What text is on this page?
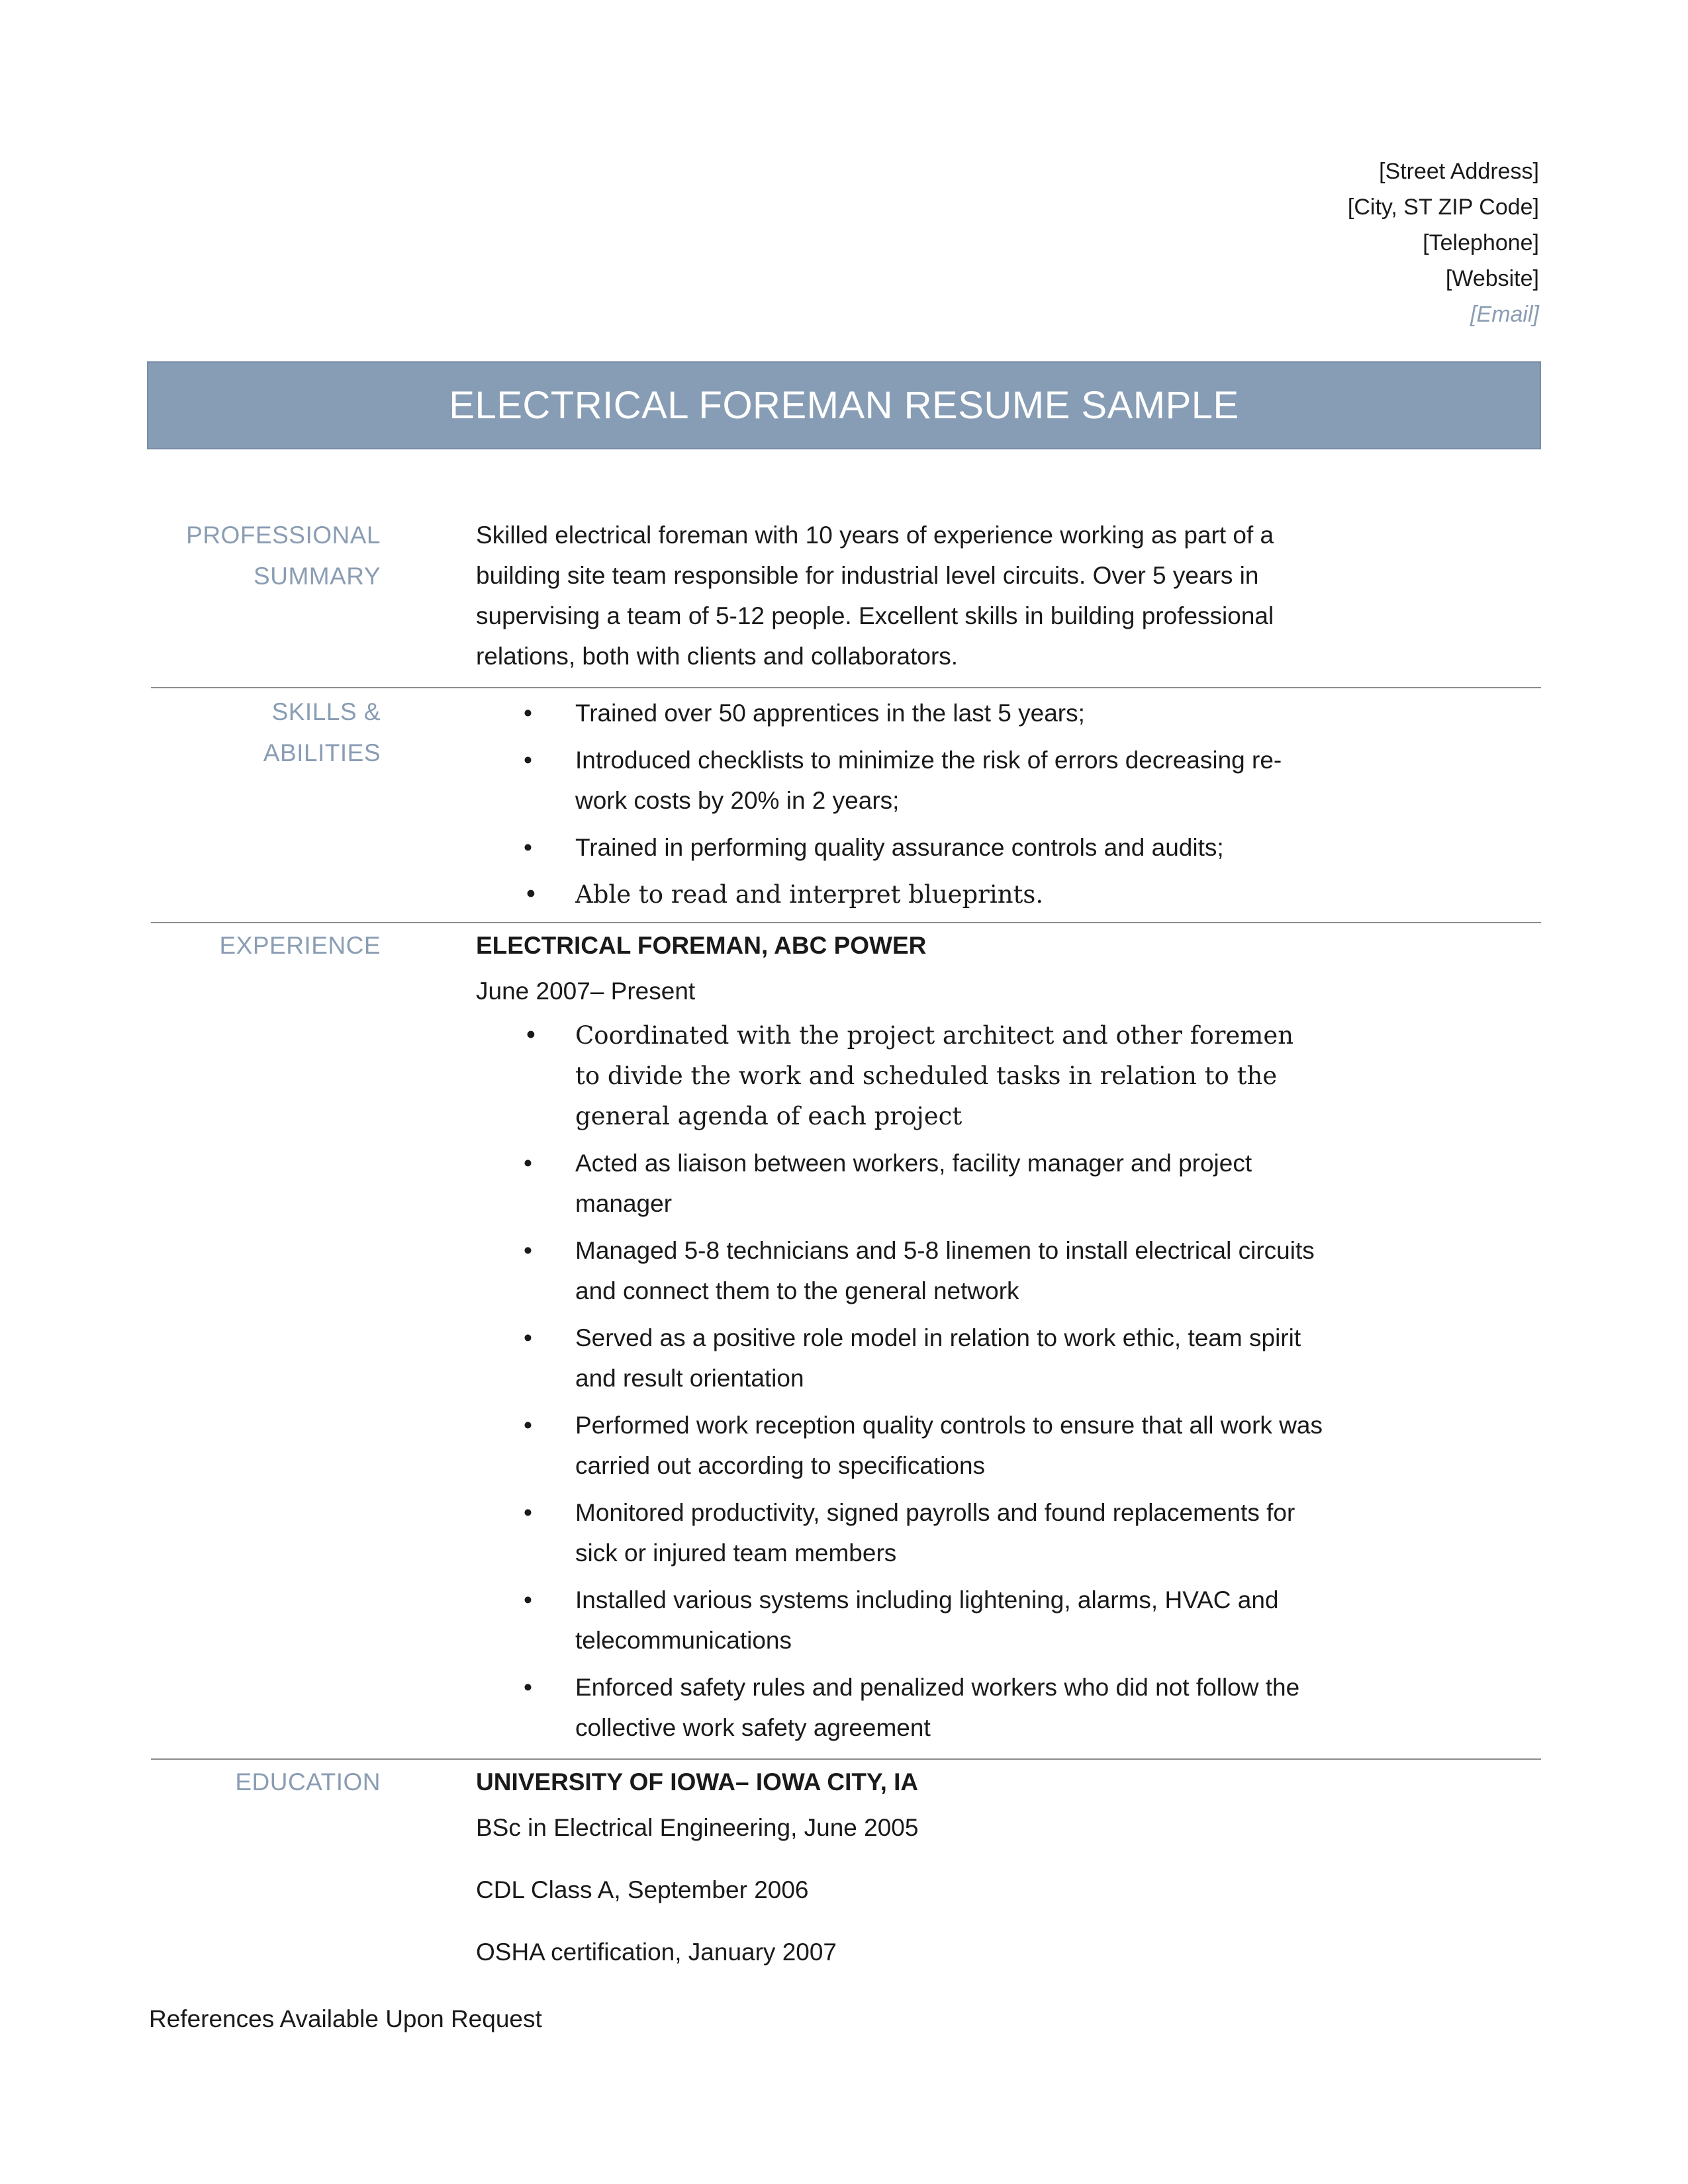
[Street Address]
[City, ST ZIP Code]
[Telephone]
[Website]
[Email]
ELECTRICAL FOREMAN RESUME SAMPLE
PROFESSIONAL
SUMMARY
Skilled electrical foreman with 10 years of experience working as part of a building site team responsible for industrial level circuits. Over 5 years in supervising a team of 5-12 people. Excellent skills in building professional relations, both with clients and collaborators.
SKILLS & ABILITIES
• Trained over 50 apprentices in the last 5 years;
• Introduced checklists to minimize the risk of errors decreasing re-work costs by 20% in 2 years;
• Trained in performing quality assurance controls and audits;
• Able to read and interpret blueprints.
EXPERIENCE	ELECTRICAL FOREMAN, ABC POWER
June 2007– Present
• Coordinated with the project architect and other foremen to divide the work and scheduled tasks in relation to the general agenda of each project
• Acted as liaison between workers, facility manager and project manager
• Managed 5-8 technicians and 5-8 linemen to install electrical circuits and connect them to the general network
• Served as a positive role model in relation to work ethic, team spirit and result orientation
• Performed work reception quality controls to ensure that all work was carried out according to specifications
• Monitored productivity, signed payrolls and found replacements for sick or injured team members
• Installed various systems including lightening, alarms, HVAC and telecommunications
• Enforced safety rules and penalized workers who did not follow the collective work safety agreement
EDUCATION	UNIVERSITY OF IOWA– IOWA CITY, IA
BSc in Electrical Engineering, June 2005
CDL Class A, September 2006
OSHA certification, January 2007
References Available Upon Request
